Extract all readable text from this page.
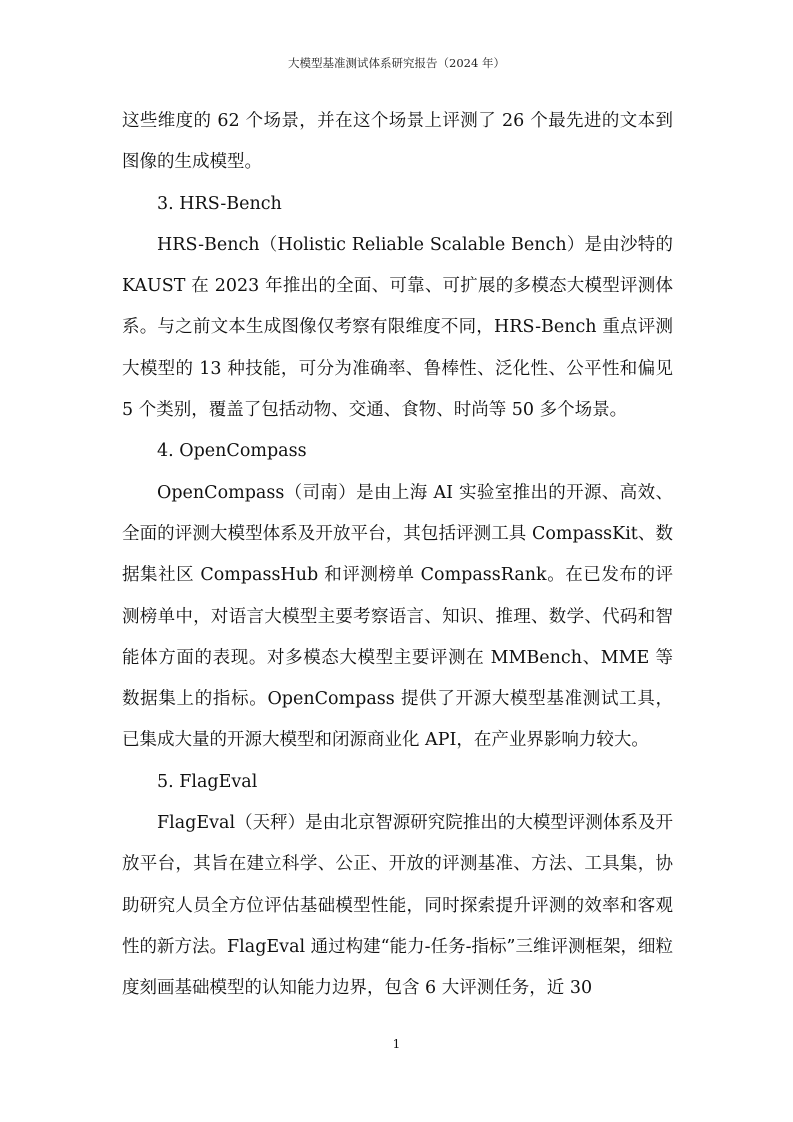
大模型基准测试体系研究报告（2024 年）

这些维度的 62 个场景，并在这个场景上评测了 26 个最先进的文本到图像的生成模型。

3. HRS-Bench

HRS-Bench（Holistic Reliable Scalable Bench）是由沙特的 KAUST 在 2023 年推出的全面、可靠、可扩展的多模态大模型评测体系。与之前文本生成图像仅考察有限维度不同，HRS-Bench 重点评测大模型的 13 种技能，可分为准确率、鲁棒性、泛化性、公平性和偏见 5 个类别，覆盖了包括动物、交通、食物、时尚等 50 多个场景。

4. OpenCompass

OpenCompass（司南）是由上海 AI 实验室推出的开源、高效、全面的评测大模型体系及开放平台，其包括评测工具 CompassKit、数据集社区 CompassHub 和评测榜单 CompassRank。在已发布的评测榜单中，对语言大模型主要考察语言、知识、推理、数学、代码和智能体方面的表现。对多模态大模型主要评测在 MMBench、MME 等数据集上的指标。OpenCompass 提供了开源大模型基准测试工具，已集成大量的开源大模型和闭源商业化 API，在产业界影响力较大。

5. FlagEval

FlagEval（天秤）是由北京智源研究院推出的大模型评测体系及开放平台，其旨在建立科学、公正、开放的评测基准、方法、工具集，协助研究人员全方位评估基础模型性能，同时探索提升评测的效率和客观性的新方法。FlagEval 通过构建“能力-任务-指标”三维评测框架，细粒度刻画基础模型的认知能力边界，包含 6 大评测任务，近 30

1
